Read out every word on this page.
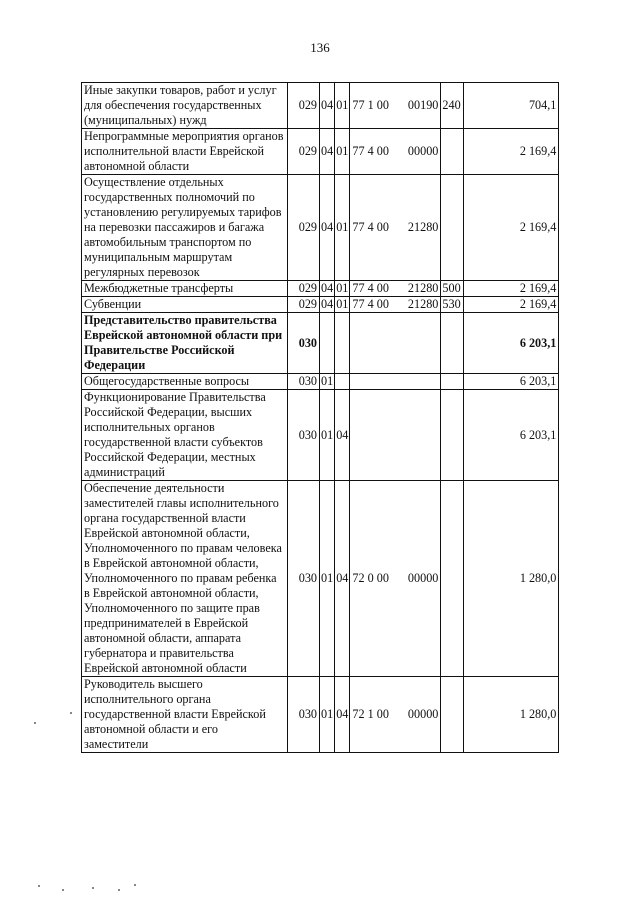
136
Иные закупки товаров, работ и услуг для обеспечения государственных (муниципальных) нужд	029	04	01	77 1 00	00190	240	704,1
Непрограммные мероприятия органов исполнительной власти Еврейской автономной области	029	04	01	77 4 00	00000		2 169,4
Осуществление отдельных государственных полномочий по установлению регулируемых тарифов на перевозки пассажиров и багажа автомобильным транспортом по муниципальным маршрутам регулярных перевозок	029	04	01	77 4 00	21280		2 169,4
Межбюджетные трансферты	029	04	01	77 4 00	21280	500	2 169,4
Субвенции	029	04	01	77 4 00	21280	530	2 169,4
Представительство правительства Еврейской автономной области при Правительстве Российской Федерации	030						6 203,1
Общегосударственные вопросы	030	01					6 203,1
Функционирование Правительства Российской Федерации, высших исполнительных органов государственной власти субъектов Российской Федерации, местных администраций	030	01	04				6 203,1
Обеспечение деятельности заместителей главы исполнительного органа государственной власти Еврейской автономной области, Уполномоченного по правам человека в Еврейской автономной области, Уполномоченного по правам ребенка в Еврейской автономной области, Уполномоченного по защите прав предпринимателей в Еврейской автономной области, аппарата губернатора и правительства Еврейской автономной области	030	01	04	72 0 00	00000		1 280,0
Руководитель высшего исполнительного органа государственной власти Еврейской автономной области и его заместители	030	01	04	72 1 00	00000		1 280,0
